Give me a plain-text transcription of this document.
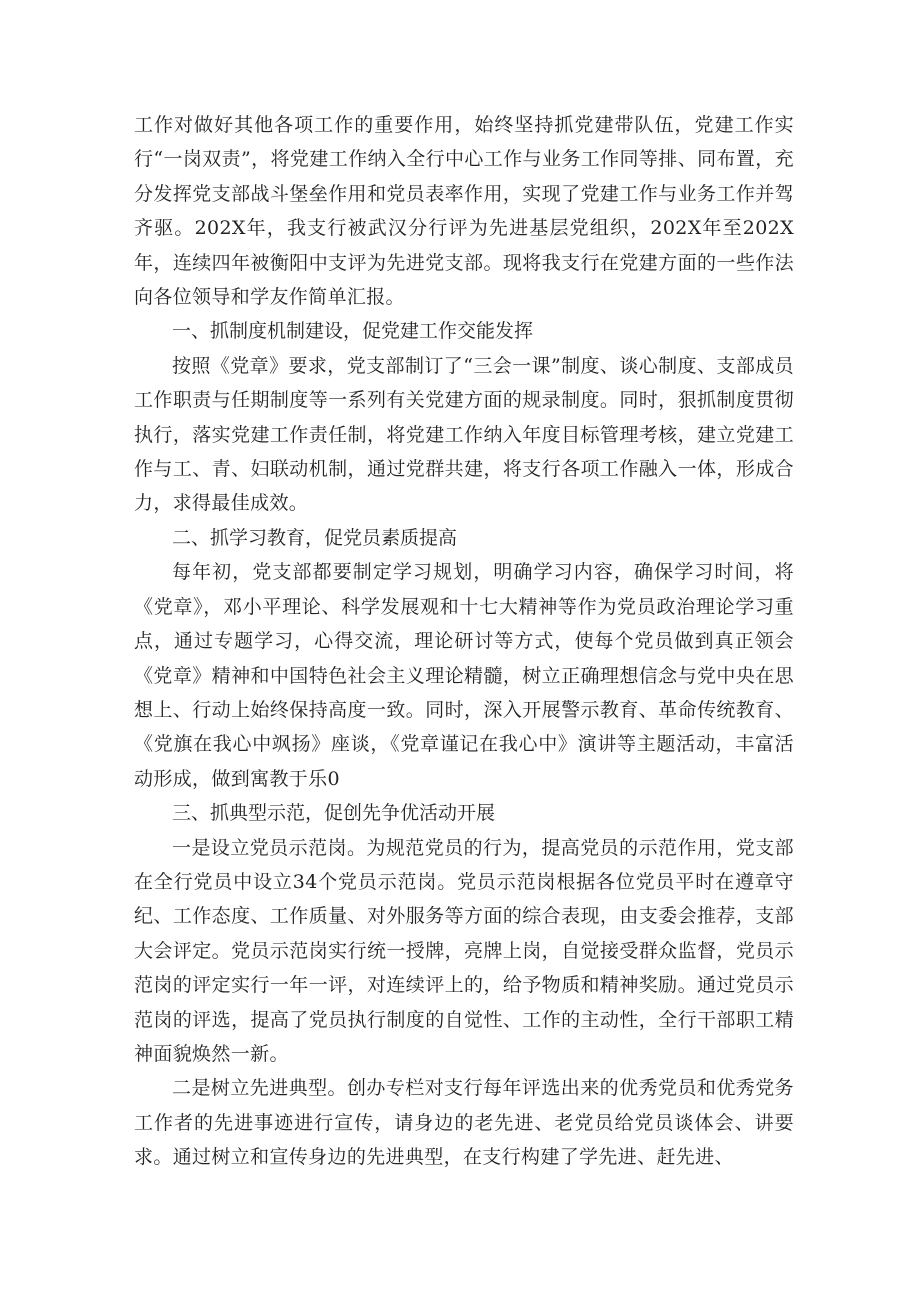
工作对做好其他各项工作的重要作用，始终坚持抓党建带队伍，党建工作实行“一岗双责”，将党建工作纳入全行中心工作与业务工作同等排、同布置，充分发挥党支部战斗堡垒作用和党员表率作用，实现了党建工作与业务工作并驾齐驱。202X年，我支行被武汉分行评为先进基层党组织，202X年至202X年，连续四年被衡阳中支评为先进党支部。现将我支行在党建方面的一些作法向各位领导和学友作简单汇报。

一、抓制度机制建设，促党建工作交能发挥

按照《党章》要求，党支部制订了“三会一课”制度、谈心制度、支部成员工作职责与任期制度等一系列有关党建方面的规录制度。同时，狠抓制度贯彻执行，落实党建工作责任制，将党建工作纳入年度目标管理考核，建立党建工作与工、青、妇联动机制，通过党群共建，将支行各项工作融入一体，形成合力，求得最佳成效。

二、抓学习教育，促党员素质提高

每年初，党支部都要制定学习规划，明确学习内容，确保学习时间，将《党章》，邓小平理论、科学发展观和十七大精神等作为党员政治理论学习重点，通过专题学习，心得交流，理论研讨等方式，使每个党员做到真正领会《党章》精神和中国特色社会主义理论精髓，树立正确理想信念与党中央在思想上、行动上始终保持高度一致。同时，深入开展警示教育、革命传统教育、《党旗在我心中飒扬》座谈，《党章谨记在我心中》演讲等主题活动，丰富活动形成，做到寓教于乐0

三、抓典型示范，促创先争优活动开展

一是设立党员示范岗。为规范党员的行为，提高党员的示范作用，党支部在全行党员中设立34个党员示范岗。党员示范岗根据各位党员平时在遵章守纪、工作态度、工作质量、对外服务等方面的综合表现，由支委会推荐，支部大会评定。党员示范岗实行统一授牌，亮牌上岗，自觉接受群众监督，党员示范岗的评定实行一年一评，对连续评上的，给予物质和精神奖励。通过党员示范岗的评选，提高了党员执行制度的自觉性、工作的主动性，全行干部职工精神面貌焕然一新。

二是树立先进典型。创办专栏对支行每年评选出来的优秀党员和优秀党务工作者的先进事迹进行宣传，请身边的老先进、老党员给党员谈体会、讲要求。通过树立和宣传身边的先进典型，在支行构建了学先进、赶先进、
